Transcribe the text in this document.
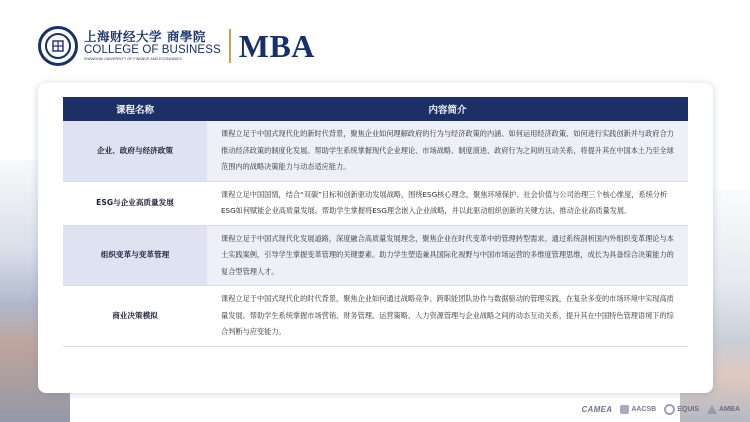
上海财经大学 商學院
COLLEGE OF BUSINESS
SHANGHAI UNIVERSITY OF FINANCE AND ECONOMICS	MBA
课程名称	内容简介
企业、政府与经济政策	课程立足于中国式现代化的新时代背景，聚焦企业如何理解政府的行为与经济政策的内涵、如何运用经济政策、如何进行实践创新并与政府合力推动经济政策的制度化发展。帮助学生系统掌握现代企业理论、市场战略、制度演进、政府行为之间的互动关系，将提升其在中国本土乃至全球范围内的战略决策能力与动态适应能力。
ESG与企业高质量发展	课程立足中国国情，结合“双碳”目标和创新驱动发展战略，围绕ESG核心理念，聚焦环境保护、社会价值与公司治理三个核心维度，系统分析ESG如何赋能企业高质量发展。帮助学生掌握将ESG理念嵌入企业战略，并以此驱动组织创新的关键方法，推动企业高质量发展。
组织变革与变革管理	课程立足于中国式现代化发展道路，深度融合高质量发展理念，聚焦企业在时代变革中的管理转型需求。通过系统剖析国内外组织变革理论与本土实践案例，引导学生掌握变革管理的关键要素。助力学生塑造兼具国际化视野与中国市场运营的多维度管理思维，成长为具备综合决策能力的复合型管理人才。
商业决策模拟	课程立足于中国式现代化的时代背景，聚焦企业如何通过战略竞争、跨职能团队协作与数据驱动的管理实践，在复杂多变的市场环境中实现高质量发展。帮助学生系统掌握市场营销、财务管理、运营策略、人力资源管理与企业战略之间的动态互动关系，提升其在中国特色管理语境下的综合判断与应变能力。
CAMEA	AACSB	EQUIS	AMBA
